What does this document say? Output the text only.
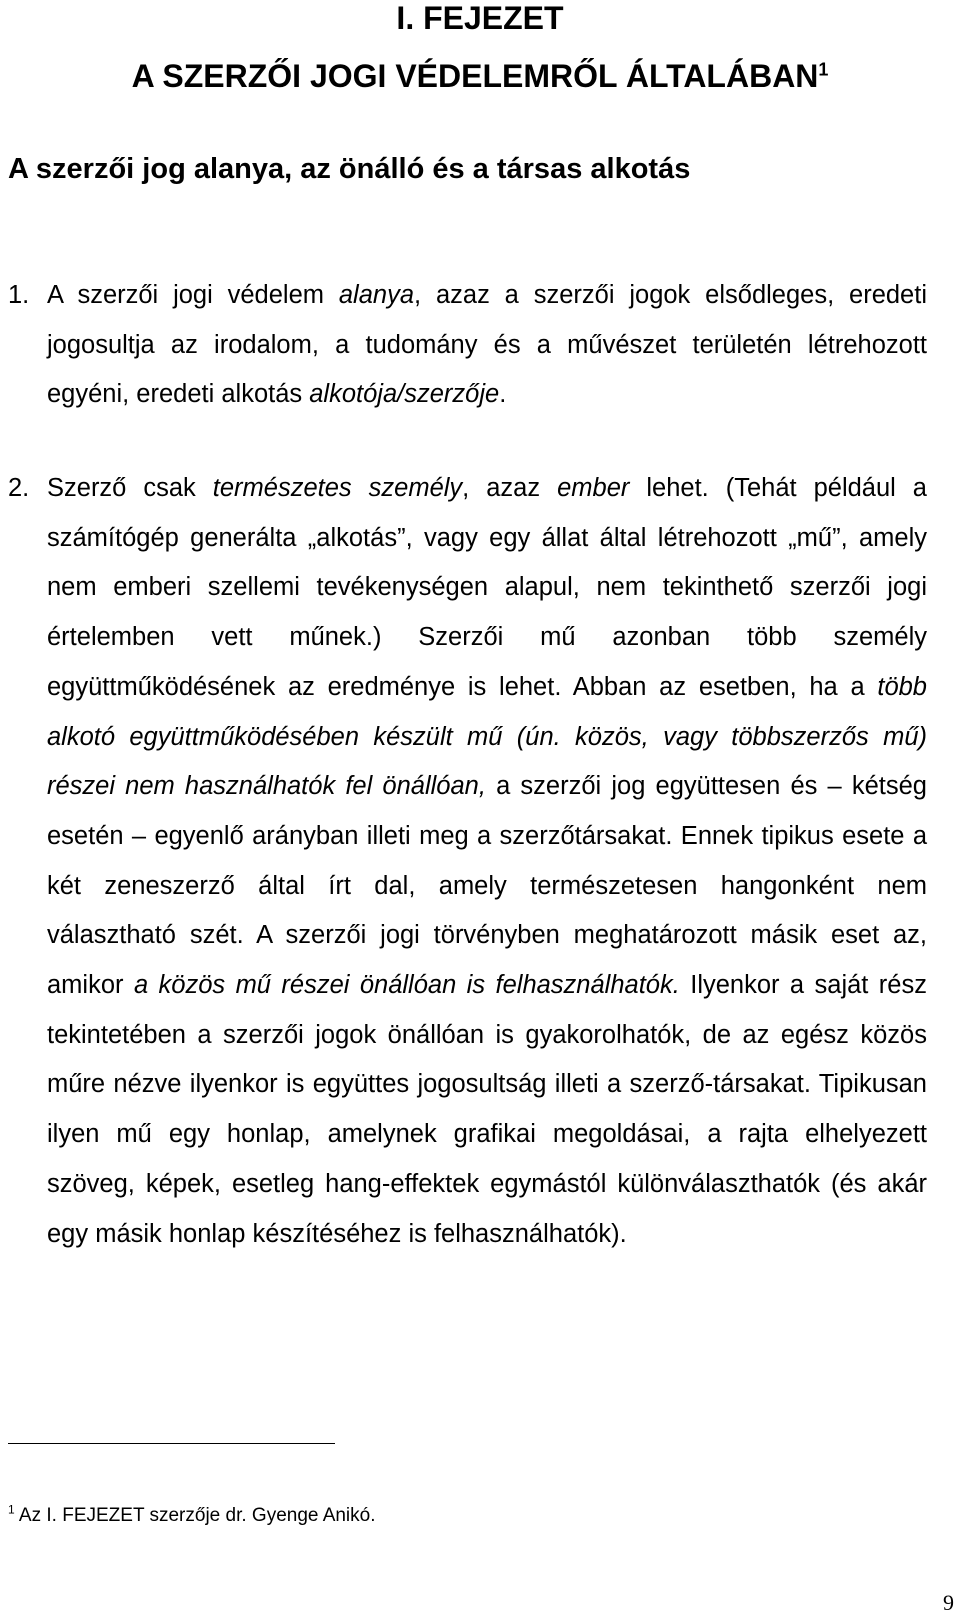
I. FEJEZET
A SZERZŐI JOGI VÉDELEMRŐL ÁLTALÁBAN$^1$
A szerzői jog alanya, az önálló és a társas alkotás
1. A szerzői jogi védelem alanya, azaz a szerzői jogok elsődleges, eredeti jogosultja az irodalom, a tudomány és a művészet területén létrehozott egyéni, eredeti alkotás alkotója/szerzője.
2. Szerző csak természetes személy, azaz ember lehet. (Tehát például a számítógép generálta „alkotás”, vagy egy állat által létrehozott „mű”, amely nem emberi szellemi tevékenységen alapul, nem tekinthető szerzői jogi értelemben vett műnek.) Szerzői mű azonban több személy együttműködésének az eredménye is lehet. Abban az esetben, ha a több alkotó együttműködésében készült mű (ún. közös, vagy többszerzős mű) részei nem használhatók fel önállóan, a szerzői jog együttesen és – kétség esetén – egyenlő arányban illeti meg a szerzőtársakat. Ennek tipikus esete a két zeneszerző által írt dal, amely természetesen hangonként nem választható szét. A szerzői jogi törvényben meghatározott másik eset az, amikor a közös mű részei önállóan is felhasználhatók. Ilyenkor a saját rész tekintetében a szerzői jogok önállóan is gyakorolhatók, de az egész közös műre nézve ilyenkor is együttes jogosultság illeti a szerző-társakat. Tipikusan ilyen mű egy honlap, amelynek grafikai megoldásai, a rajta elhelyezett szöveg, képek, esetleg hang-effektek egymástól különválaszthatók (és akár egy másik honlap készítéséhez is felhasználhatók).

$^1$ Az I. FEJEZET szerzője dr. Gyenge Anikó.

9
